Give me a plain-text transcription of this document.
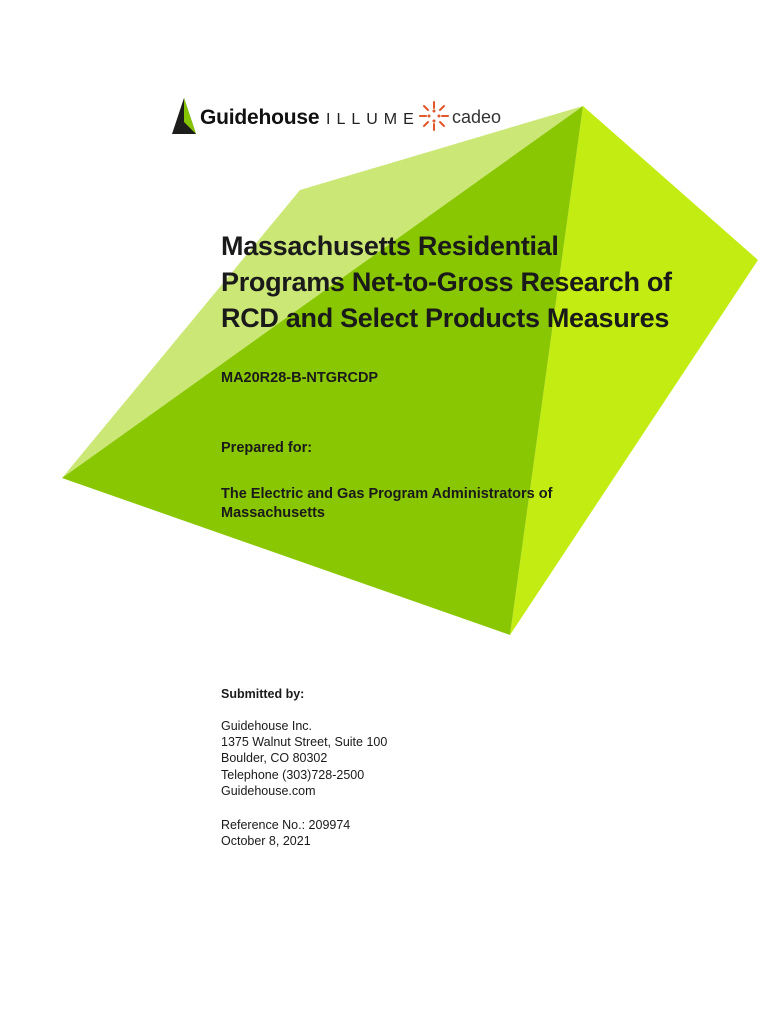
Guidehouse ILLUME cadeo
Massachusetts Residential
Programs Net-to-Gross Research of
RCD and Select Products Measures
MA20R28-B-NTGRCDP
Prepared for:
The Electric and Gas Program Administrators of
Massachusetts
Submitted by:
Guidehouse Inc.
1375 Walnut Street, Suite 100
Boulder, CO 80302
Telephone (303)728-2500
Guidehouse.com
Reference No.: 209974
October 8, 2021
